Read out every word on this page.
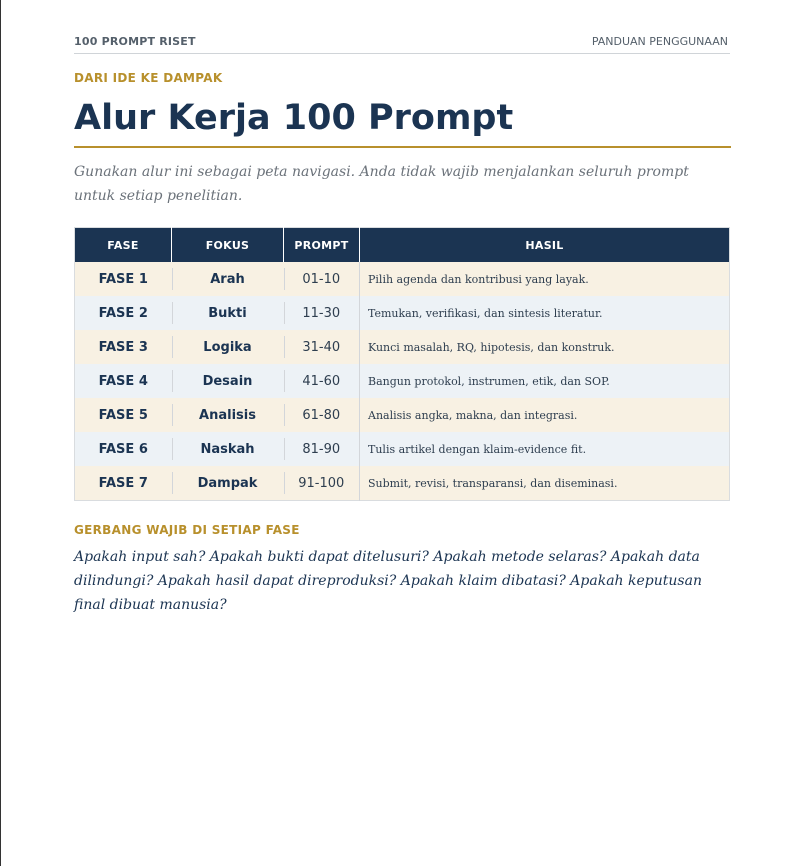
100 PROMPT RISET	PANDUAN PENGGUNAAN
DARI IDE KE DAMPAK
Alur Kerja 100 Prompt

Gunakan alur ini sebagai peta navigasi. Anda tidak wajib menjalankan seluruh prompt untuk setiap penelitian.

FASE	FOKUS	PROMPT	HASIL
FASE 1	Arah	01-10	Pilih agenda dan kontribusi yang layak.
FASE 2	Bukti	11-30	Temukan, verifikasi, dan sintesis literatur.
FASE 3	Logika	31-40	Kunci masalah, RQ, hipotesis, dan konstruk.
FASE 4	Desain	41-60	Bangun protokol, instrumen, etik, dan SOP.
FASE 5	Analisis	61-80	Analisis angka, makna, dan integrasi.
FASE 6	Naskah	81-90	Tulis artikel dengan klaim-evidence fit.
FASE 7	Dampak	91-100	Submit, revisi, transparansi, dan diseminasi.
GERBANG WAJIB DI SETIAP FASE

Apakah input sah? Apakah bukti dapat ditelusuri? Apakah metode selaras? Apakah data dilindungi? Apakah hasil dapat direproduksi? Apakah klaim dibatasi? Apakah keputusan final dibuat manusia?
